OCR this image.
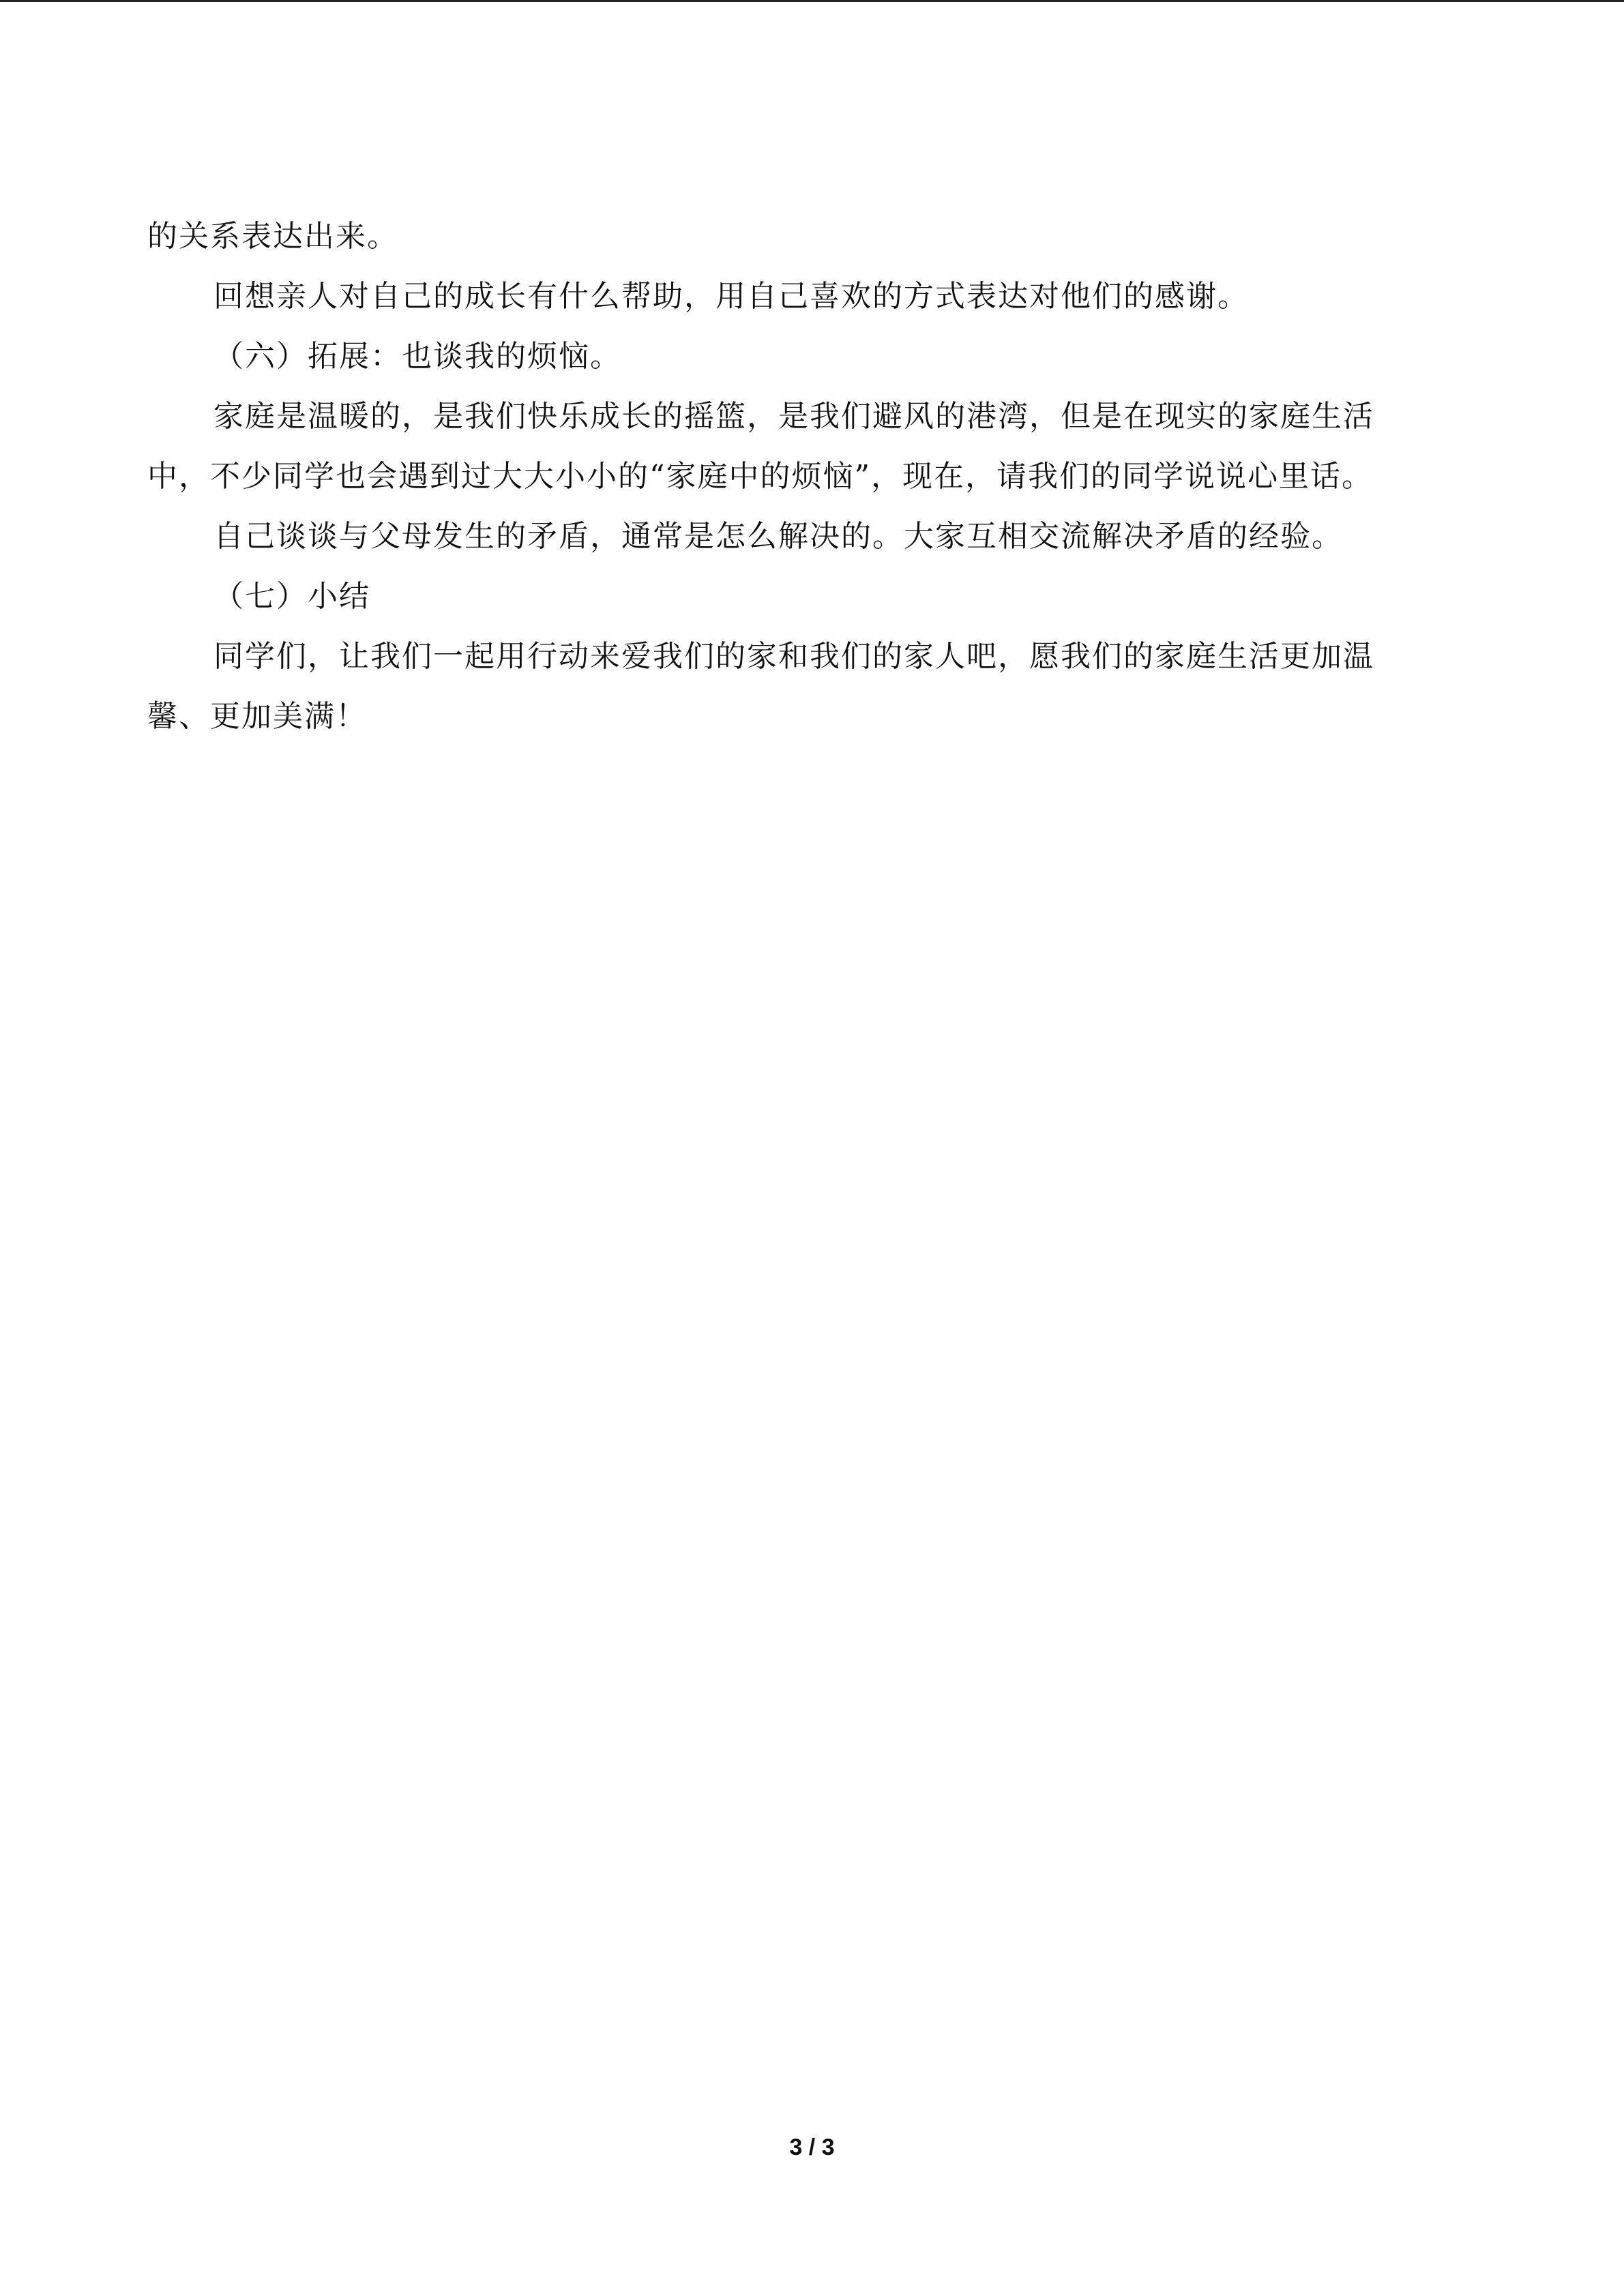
的关系表达出来。

回想亲人对自己的成长有什么帮助，用自己喜欢的方式表达对他们的感谢。

（六）拓展：也谈我的烦恼。

家庭是温暖的，是我们快乐成长的摇篮，是我们避风的港湾，但是在现实的家庭生活

中，不少同学也会遇到过大大小小的“家庭中的烦恼”，现在，请我们的同学说说心里话。

自己谈谈与父母发生的矛盾，通常是怎么解决的。大家互相交流解决矛盾的经验。

（七）小结

同学们，让我们一起用行动来爱我们的家和我们的家人吧，愿我们的家庭生活更加温

馨、更加美满！

3 / 3
